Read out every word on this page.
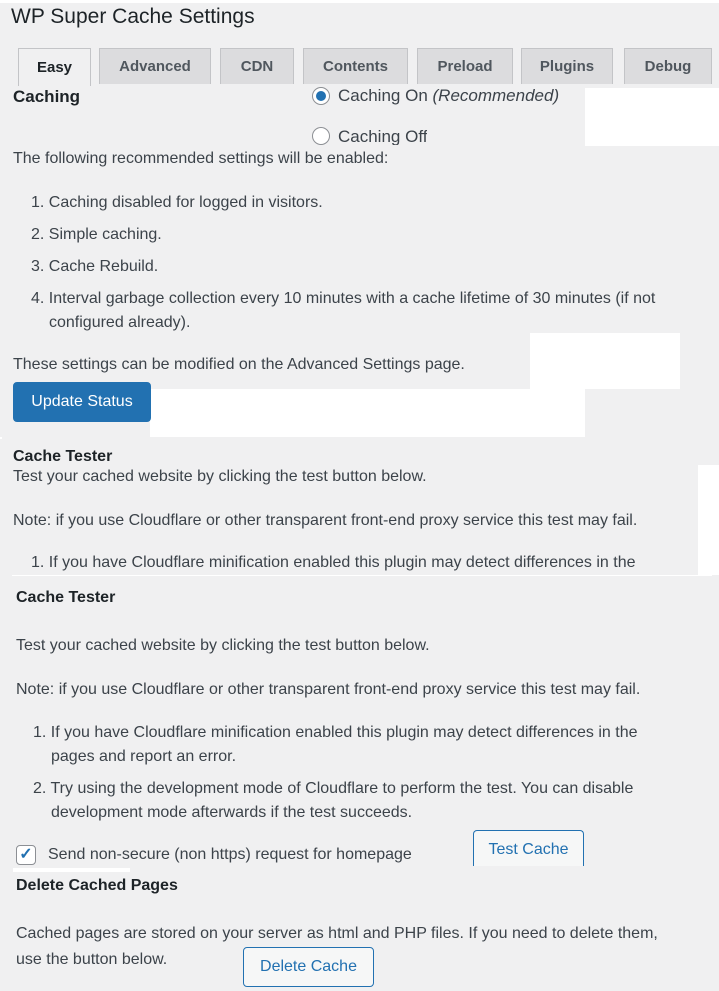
WP Super Cache Settings
Easy	Advanced	CDN	Contents	Preload	Plugins	Debug
Caching	Caching On (Recommended)
Caching Off
The following recommended settings will be enabled:
1. Caching disabled for logged in visitors.
2. Simple caching.
3. Cache Rebuild.
4. Interval garbage collection every 10 minutes with a cache lifetime of 30 minutes (if not
configured already).
These settings can be modified on the Advanced Settings page.
Update Status
Cache Tester
Test your cached website by clicking the test button below.
Note: if you use Cloudflare or other transparent front-end proxy service this test may fail.
1. If you have Cloudflare minification enabled this plugin may detect differences in the
Cache Tester
Test your cached website by clicking the test button below.
Note: if you use Cloudflare or other transparent front-end proxy service this test may fail.
1. If you have Cloudflare minification enabled this plugin may detect differences in the
pages and report an error.
2. Try using the development mode of Cloudflare to perform the test. You can disable
development mode afterwards if the test succeeds.
✓ Send non-secure (non https) request for homepage	Test Cache
Delete Cached Pages
Cached pages are stored on your server as html and PHP files. If you need to delete them,
use the button below.	Delete Cache
